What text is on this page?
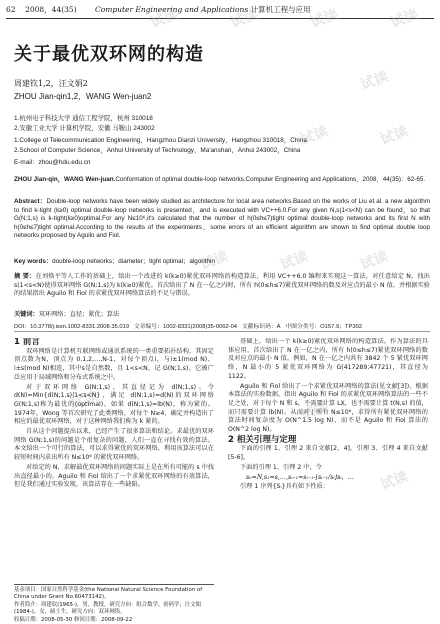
62 2008，44(35) Computer Engineering and Applications 计算机工程与应用
试读	试读	试读	试读
试读
试读	试读
试读	试读	试读
试读	试读
试读
关于最优双环网的构造
周建钦1,2，汪文娟2
ZHOU Jian-qin1,2，WANG Wen-juan2
1.杭州电子科技大学 通信工程学院，杭州 310018
2.安徽工业大学 计算机学院，安徽 马鞍山 243002
1.College of Telecommunication Engineering，Hangzhou Dianzi University，Hangzhou 310018，China
2.School of Computer Science，Anhui University of Technology，Ma'anshan，Anhui 243002，China
E-mail：zhou@hdu.edu.cn
ZHOU Jian-qin，WANG Wen-juan.Conformation of optimal double-loop networks.Computer Engineering and Applications，2008，44(35)：62-65.
Abstract：Double-loop networks have been widely studied as architecture for local area networks.Based on the works of Liu et al. a new algorithm to find k-tight (k≥0) optimal double-loop networks is presented，and is executed with VC++6.0.For any given N,s(1<s<N) can be found，so that G(N;1,s) is k-tight(k≥0)optimal.For any N≤10⁶,it's calculated that the number of h(0≤h≤7)tight optimal double-loop networks and its first N with h(0≤h≤7)tight optimal.According to the results of the experiments，some errors of an efficient algorithm are shown to find optimal double loop networks proposed by Aguilo and Fiol.
Key words：double-loop networks；diameter；tight optimal；algorithm
摘 要：在刘焕平等人工作的基础上，给出一个改进的 k(k≥0)紧优双环网络的构造算法，利用 VC++6.0 编程来实现这一算法，对任意给定 N，找出 s(1<s<N)使得双环网络 G(N;1,s)为 k(k≥0)紧优。首次给出了 N 在一亿之内时，所有 h(0≤h≤7)紧优双环网络的数及对应点的最小 N 值。并根据实验的结果指出 Aguilo 和 Fiol 的求紧优双环网络算法的不足与错误。
关键词：双环网络；直径；紧优；算法
DOI：10.3778/j.issn.1002-8331.2008.35.019 文章编号：1002-8331(2008)35-0062-04 文献标识码：A 中图分类号：O157.9；TP302

1 前言

双环网络是计算机互联网络或通讯系统的一类重要拓扑结构，其固定顶点数为N，顶点为 0,1,2,…,N-1，对每个顶点i，与i±1(mod N)、i±s(mod N)相连，其中s是自然数，且 1<s<N，记 G(N;1,s)。它被广泛应用于局域网络和分布式系统之中。

对于双环网络 G(N;1,s)，其直径记为 d(N;1,s)。令 d(N)=Min{d(N;1,s)|1<s<N}，满足 d(N;1,s)=d(N)的双环网络 G(N;1,s)称为最优的(optimal)。如果 d(N;1,s)=lb(N)，称为紧的。1974年，Wong 等首次研究了此类网络，对每个 N≥4，确定并构造出了相应的最优双环网络，对于这种网络我们称为 k 紧的。

自从这个问题提出以来，已经产生了很多算法和结论。求最优的双环网络 G(N;1,s)的问题是个很复杂的问题，人们一直在寻找有效的算法。本文给出一个可行的算法，可以求得紧优的双环网络，利用该算法可以在较短时间内求出所有 N≤10⁶ 的紧优双环网络。

对给定的 N，求解最优双环网络的问题实际上是在所有可能的 s 中找出直径最小的。Aguilo 和 Fiol 给出了一个求紧优双环网络的有效算法，但是我们通过实验发现，该算法存在一些缺陷。

基础上，给出一个 k(k≥0)紧优双环网络的构造算法。作为算法的具体应用，首次给出了 N 在一亿之内，所有 h(0≤h≤7)紧优双环网络的数及对应点的最小 N 值。例如，N 在一亿之内共有 3842 个 5 紧优双环网络，N 最小的 5 紧优双环网络为 G(417289;47721)，其直径为 1122。

Aguilo 和 Fiol 给出了一个求紧优双环网络的算法(见文献[3])。根据本算法的实验数据，指出 Aguilo 和 Fiol 的求紧优双环网络算法的一些不足之处，对于每个 N 和 s，不需要计算 LX，也不需要计算 t(N,s) 的值，而只需要计算 lb(N)。从而对于所有 N≤10⁶，求得所有紧优双环网络的算法时间复杂度为 O(N^1.5 log N)，而不是 Aguilo 和 Fiol 算法的 O(N^2 log N)。

2 相关引理与定理

下面的引理 1、引理 2 来自文献[2，4]。引理 3、引理 4 来自文献[5-6]。

下面的引理 1、引理 2 中，令

s₀=N,s₁=s,…,sᵢ₊₁=sᵢ₋₁-⌊sᵢ₋₁/sᵢ⌋sᵢ，…

引理 1 序列{Sᵢ}具有如下性质：

基金项目：国家自然科学基金(the National Natural Science Foundation of China under Grant No.60473142)。
作者简介：周建钦(1965-)，男，教授，研究方向：组合数学、密码学；汪文娟(1984-)，女，硕士生，研究方向：双环网络。
收稿日期：2008-05-30 修回日期：2008-09-22
